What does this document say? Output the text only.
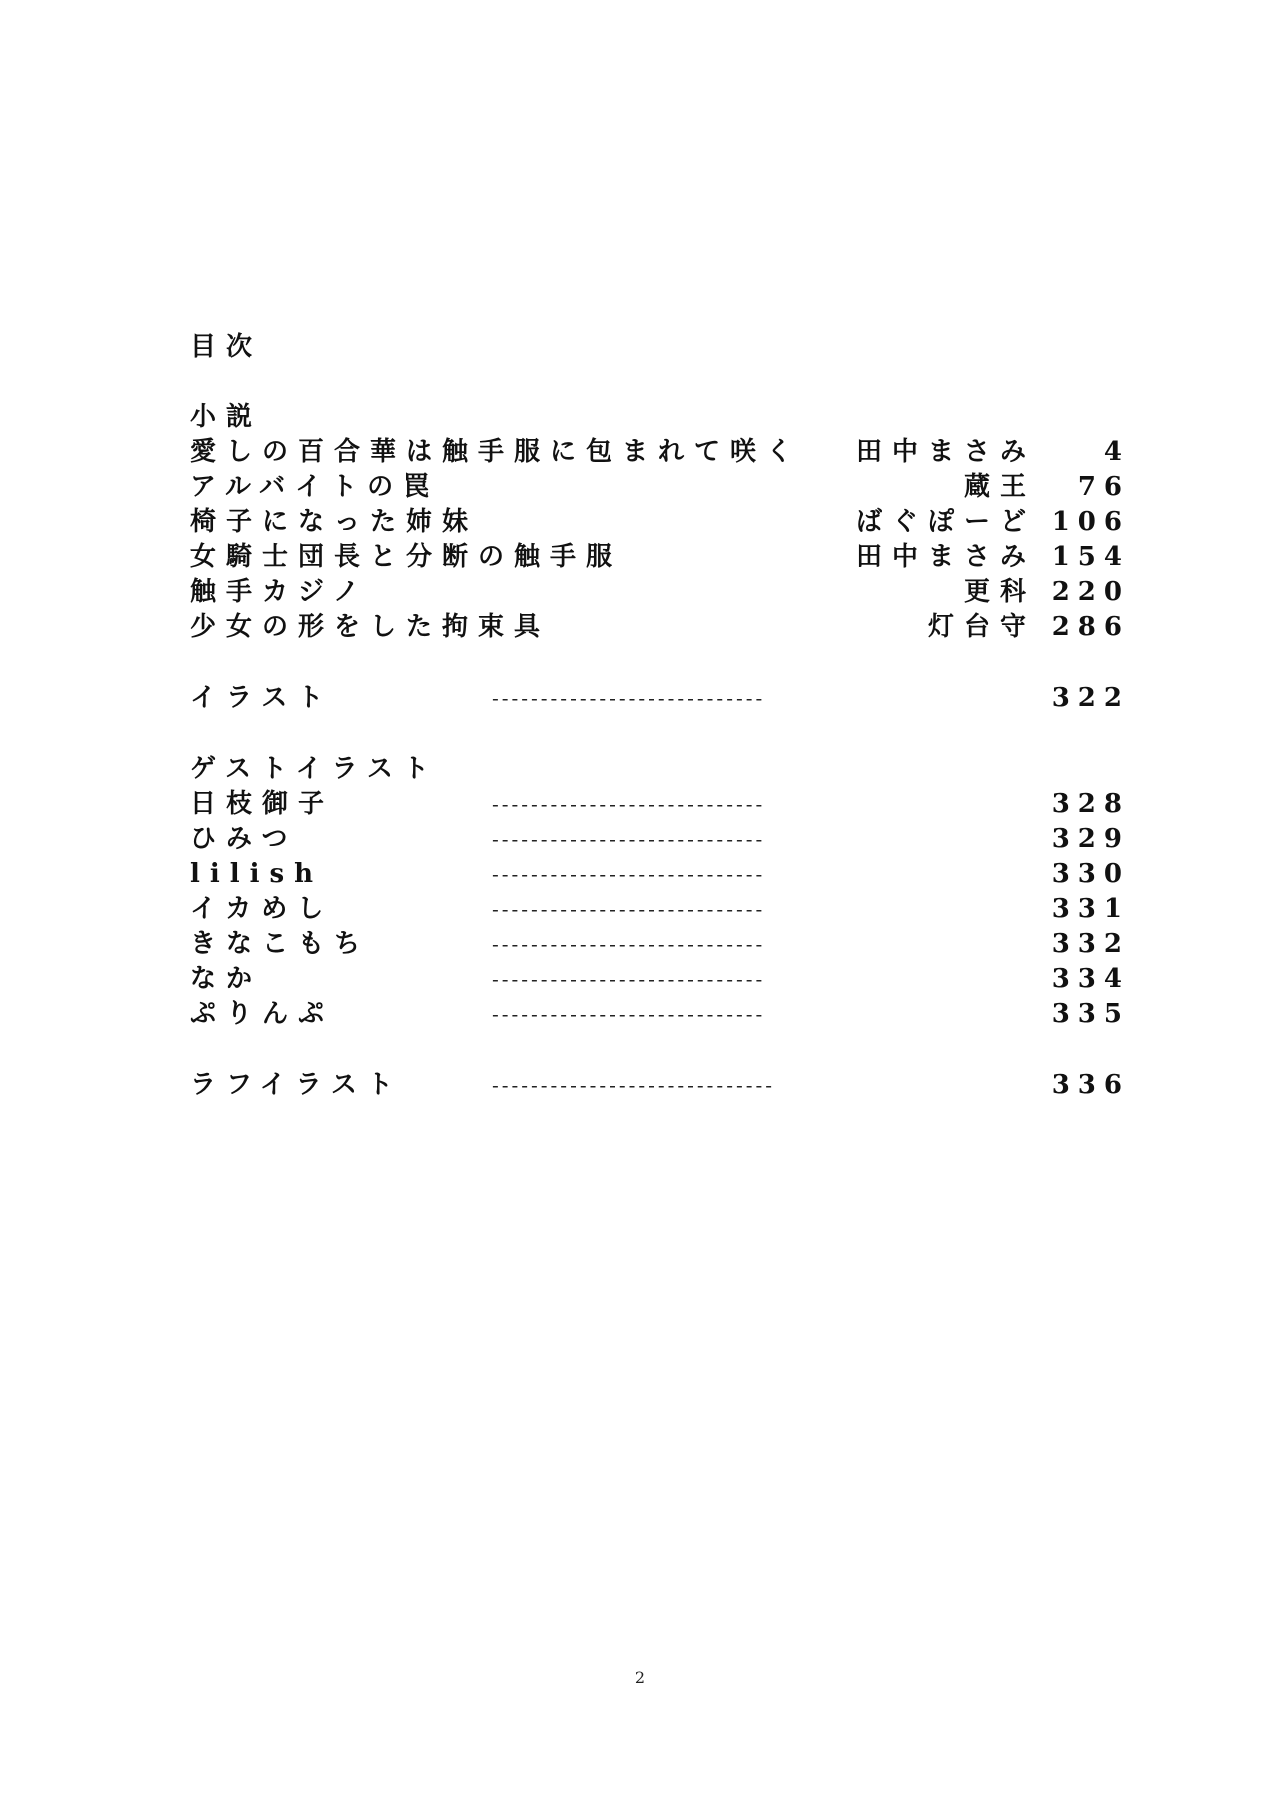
目次
小説
愛しの百合華は触手服に包まれて咲く 田中まさみ	4
アルバイトの罠	蔵王 76
椅子になった姉妹	ばぐぽーど 106
女騎士団長と分断の触手服	田中まさみ 154
触手カジノ	更科 220
少女の形をした拘束具	灯台守 286
イラスト	----------------------------	322
ゲストイラスト
日枝御子	----------------------------	328
ひみつ	----------------------------	329
lilish	----------------------------	330
イカめし	----------------------------	331
きなこもち	----------------------------	332
なか	----------------------------	334
ぷりんぷ	----------------------------	335
ラフイラスト	-----------------------------	336
2
